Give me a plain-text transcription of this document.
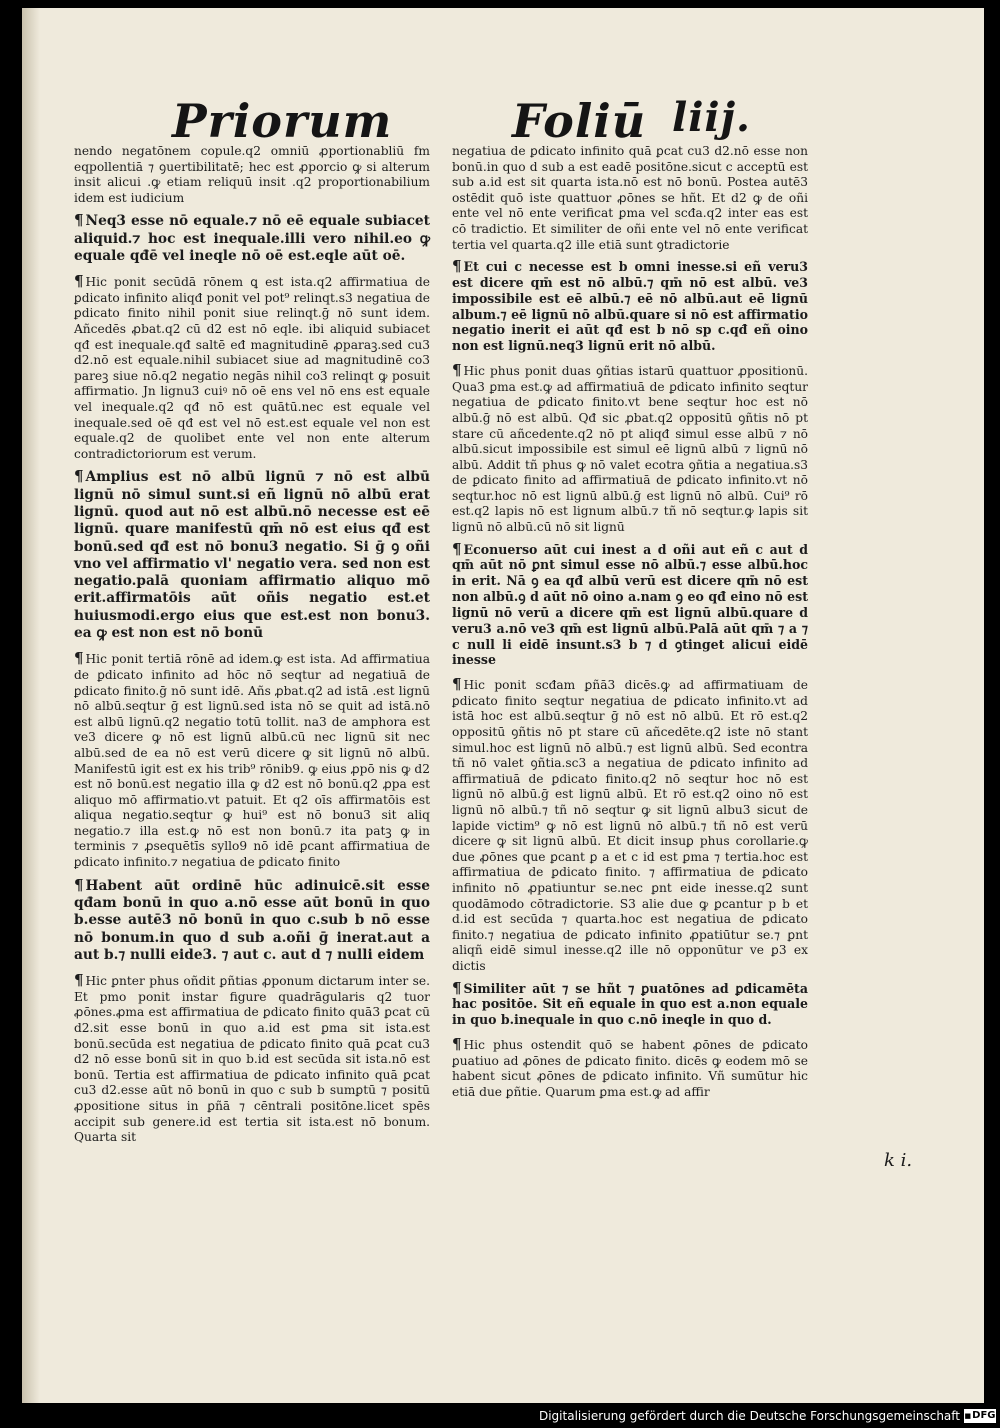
Priorum	Foliū liij.
nendo negatōnem copule.q2 omniū ꝓportionabliū fm eqpollentiā ⁊ ꝯuertibilitatē; hec est ꝓporcio ꝙ si alterum insit alicui .ꝙ etiam reliquū insit .q2 proportionabilium idem est iudicium
¶ Neq3 esse nō equale.⁊ nō eē equale subiacet aliquid.⁊ hoc est inequale.illi vero nihil.eo ꝙ equale qđē vel ineqle nō oē est.eqle aūt oē.
¶ Hic ponit secūdā rōnem ꝗ est ista.q2 affirmatiua de ꝑdicato infinito aliqđ ponit vel pot⁹ relinqt.s3 negatiua de ꝑdicato finito nihil ponit siue relinqt.ḡ nō sunt idem. Añcedēs ꝓbat.q2 cū d2 est nō eqle. ibi aliquid subiacet qđ est inequale.qđ saltē eđ magnitudinē ꝓparaꝫ.sed cu3 d2.nō est equale.nihil subiacet siue ad magnitudinē co3 pareꝫ siue nō.q2 negatio negās nihil co3 relinqt ꝙ posuit affirmatio. Jn lignu3 cuiꝰ nō oē ens vel nō ens est equale vel inequale.q2 qđ nō est quātū.nec est equale vel inequale.sed oē qđ est vel nō est.est equale vel non est equale.q2 de quolibet ente vel non ente alterum contradictoriorum est verum.
¶ Amplius est nō albū lignū ⁊ nō est albū lignū nō simul sunt.si eñ lignū nō albū erat lignū. quod aut nō est albū.nō necesse est eē lignū. quare manifestū qm̄ nō est eius qđ est bonū.sed qđ est nō bonu3 negatio. Si ḡ ꝯ oñi vno vel affirmatio vl' negatio vera. sed non est negatio.palā quoniam affirmatio aliquo mō erit.affirmatōis aūt oñis negatio est.et huiusmodi.ergo eius que est.est non bonu3. ea ꝙ est non est nō bonū
¶ Hic ponit tertiā rōnē ad idem.ꝙ est ista. Ad affirmatiua de ꝑdicato infinito ad hōc nō seqtur ad negatiuā de ꝑdicato finito.ḡ nō sunt idē. Añs ꝓbat.q2 ad istā .est lignū nō albū.seqtur ḡ est lignū.sed ista nō se quit ad istā.nō est albū lignū.q2 negatio totū tollit. na3 de amphora est ve3 dicere ꝙ nō est lignū albū.cū nec lignū sit nec albū.sed de ea nō est verū dicere ꝙ sit lignū nō albū. Manifestū igit est ex his trib⁹ rōnib9. ꝙ eius ꝓpō nis ꝙ d2 est nō bonū.est negatio illa ꝙ d2 est nō bonū.q2 ꝓpa est aliquo mō affirmatio.vt patuit. Et q2 oīs affirmatōis est aliqua negatio.seqtur ꝙ hui⁹ est nō bonu3 sit aliq negatio.⁊ illa est.ꝙ nō est non bonū.⁊ ita patꝫ ꝙ in terminis ⁊ ꝓsequētīs syllo9 nō idē ꝑcant affirmatiua de ꝑdicato infinito.⁊ negatiua de ꝑdicato finito
¶ Habent aūt ordinē hūc adinuicē.sit esse qđam bonū in quo a.nō esse aūt bonū in quo b.esse autē3 nō bonū in quo c.sub b nō esse nō bonum.in quo d sub a.oñi ḡ inerat.aut a aut b.⁊ nulli eide3. ⁊ aut c. aut d ⁊ nulli eidem
¶ Hic ꝑnter phus oñdit ꝑñtias ꝓponum dictarum inter se. Et pmo ponit instar figure quadrāgularis q2 tuor ꝓōnes.ꝓma est affirmatiua de ꝑdicato finito quā3 ꝑcat cū d2.sit esse bonū in quo a.id est ꝑma sit ista.est bonū.secūda est negatiua de ꝑdicato finito quā ꝑcat cu3 d2 nō esse bonū sit in quo b.id est secūda sit ista.nō est bonū. Tertia est affirmatiua de ꝑdicato infinito quā ꝑcat cu3 d2.esse aūt nō bonū in quo c sub b sumꝑtū ⁊ positū ꝓpositione situs in ꝑñā ⁊ cēntrali positōne.licet spēs accipit sub genere.id est tertia sit ista.est nō bonum. Quarta sit
negatiua de ꝑdicato infinito quā ꝑcat cu3 d2.nō esse non bonū.in quo d sub a est eadē positōne.sicut c acceptū est sub a.id est sit quarta ista.nō est nō bonū. Postea autē3 ostēdit quō iste quattuor ꝓōnes se hñt. Et d2 ꝙ de oñi ente vel nō ente verificat ꝑma vel scđa.q2 inter eas est cō tradictio. Et similiter de oñi ente vel nō ente verificat tertia vel quarta.q2 ille etiā sunt ꝯtradictorie
¶ Et cui c necesse est b omni inesse.si eñ veru3 est dicere qm̄ est nō albū.⁊ qm̄ nō est albū. ve3 impossibile est eē albū.⁊ eē nō albū.aut eē lignū album.⁊ eē lignū nō albū.quare si nō est affirmatio negatio inerit ei aūt qđ est b nō sp c.qđ eñ oino non est lignū.neq3 lignū erit nō albū.
¶ Hic phus ponit duas ꝯñtias istarū quattuor ꝓpositionū. Qua3 ꝑma est.ꝙ ad affirmatiuā de ꝑdicato infinito seqtur negatiua de ꝑdicato finito.vt bene seqtur hoc est nō albū.ḡ nō est albū. Qđ sic ꝓbat.q2 oppositū ꝯñtis nō pt stare cū añcedente.q2 nō pt aliqđ simul esse albū ⁊ nō albū.sicut impossibile est simul eē lignū albū ⁊ lignū nō albū. Addit tñ phus ꝙ nō valet ecotra ꝯñtia a negatiua.s3 de ꝑdicato finito ad affirmatiuā de ꝑdicato infinito.vt nō seqtur.hoc nō est lignū albū.ḡ est lignū nō albū. Cui⁹ rō est.q2 lapis nō est lignum albū.⁊ tñ nō seqtur.ꝙ lapis sit lignū nō albū.cū nō sit lignū
¶ Econuerso aūt cui inest a d oñi aut eñ c aut d qm̄ aūt nō ꝑnt simul esse nō albū.⁊ esse albū.hoc in erit. Nā ꝯ ea qđ albū verū est dicere qm̄ nō est non albū.ꝯ d aūt nō oino a.nam ꝯ eo qđ eino nō est lignū nō verū a dicere qm̄ est lignū albū.quare d veru3 a.nō ve3 qm̄ est lignū albū.Palā aūt qm̄ ⁊ a ⁊ c null li eidē insunt.s3 b ⁊ d ꝯtinget alicui eidē inesse
¶ Hic ponit scđam ꝑñā3 dicēs.ꝙ ad affirmatiuam de ꝑdicato finito seqtur negatiua de ꝑdicato infinito.vt ad istā hoc est albū.seqtur ḡ nō est nō albū. Et rō est.q2 oppositū ꝯñtis nō pt stare cū añcedēte.q2 iste nō stant simul.hoc est lignū nō albū.⁊ est lignū albū. Sed econtra tñ nō valet ꝯñtia.sc3 a negatiua de ꝑdicato infinito ad affirmatiuā de ꝑdicato finito.q2 nō seqtur hoc nō est lignū nō albū.ḡ est lignū albū. Et rō est.q2 oino nō est lignū nō albū.⁊ tñ nō seqtur ꝙ sit lignū albu3 sicut de lapide victim⁹ ꝙ nō est lignū nō albū.⁊ tñ nō est verū dicere ꝙ sit lignū albū. Et dicit insuꝑ phus corollarie.ꝙ due ꝓōnes que ꝑcant ꝑ a et c id est ꝑma ⁊ tertia.hoc est affirmatiua de ꝑdicato finito. ⁊ affirmatiua de ꝑdicato infinito nō ꝓpatiuntur se.nec ꝑnt eide inesse.q2 sunt quodāmodo cōtradictorie. S3 alie due ꝙ ꝑcantur p b et d.id est secūda ⁊ quarta.hoc est negatiua de ꝑdicato finito.⁊ negatiua de ꝑdicato infinito ꝓpatiūtur se.⁊ ꝑnt aliqñ eidē simul inesse.q2 ille nō opponūtur ve ꝑ3 ex dictis
¶ Similiter aūt ⁊ se hñt ⁊ ꝑuatōnes ad ꝑdicamēta hac positōe. Sit eñ equale in quo est a.non equale in quo b.inequale in quo c.nō ineqle in quo d.
¶ Hic phus ostendit quō se habent ꝓōnes de ꝑdicato ꝑuatiuo ad ꝓōnes de ꝑdicato finito. dicēs ꝙ eodem mō se habent sicut ꝓōnes de ꝑdicato infinito. Vñ sumūtur hic etiā due ꝑñtie. Quarum ꝑma est.ꝙ ad affir
k i.
Digitalisierung gefördert durch die Deutsche Forschungsgemeinschaft
■	DFG
